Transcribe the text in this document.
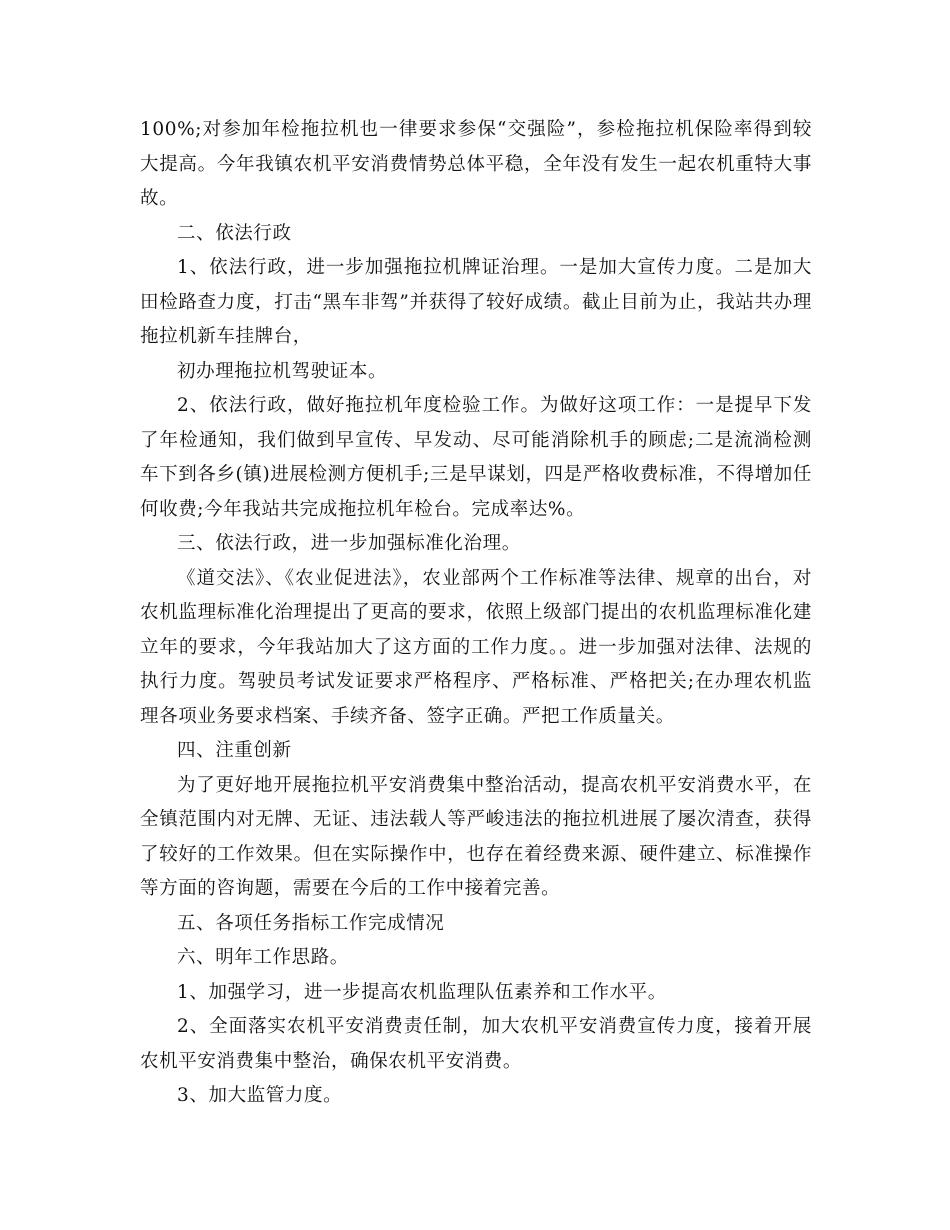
100%;对参加年检拖拉机也一律要求参保“交强险”，参检拖拉机保险率得到较大提高。今年我镇农机平安消费情势总体平稳，全年没有发生一起农机重特大事故。

二、依法行政

1、依法行政，进一步加强拖拉机牌证治理。一是加大宣传力度。二是加大田检路查力度，打击“黑车非驾”并获得了较好成绩。截止目前为止，我站共办理拖拉机新车挂牌台，

初办理拖拉机驾驶证本。

2、依法行政，做好拖拉机年度检验工作。为做好这项工作：一是提早下发了年检通知，我们做到早宣传、早发动、尽可能消除机手的顾虑;二是流淌检测车下到各乡(镇)进展检测方便机手;三是早谋划，四是严格收费标准，不得增加任何收费;今年我站共完成拖拉机年检台。完成率达%。

三、依法行政，进一步加强标准化治理。

《道交法》、《农业促进法》，农业部两个工作标准等法律、规章的出台，对农机监理标准化治理提出了更高的要求，依照上级部门提出的农机监理标准化建立年的要求，今年我站加大了这方面的工作力度。。进一步加强对法律、法规的执行力度。驾驶员考试发证要求严格程序、严格标准、严格把关;在办理农机监理各项业务要求档案、手续齐备、签字正确。严把工作质量关。

四、注重创新

为了更好地开展拖拉机平安消费集中整治活动，提高农机平安消费水平，在全镇范围内对无牌、无证、违法载人等严峻违法的拖拉机进展了屡次清查，获得了较好的工作效果。但在实际操作中，也存在着经费来源、硬件建立、标准操作等方面的咨询题，需要在今后的工作中接着完善。

五、各项任务指标工作完成情况

六、明年工作思路。

1、加强学习，进一步提高农机监理队伍素养和工作水平。

2、全面落实农机平安消费责任制，加大农机平安消费宣传力度，接着开展农机平安消费集中整治，确保农机平安消费。

3、加大监管力度。
